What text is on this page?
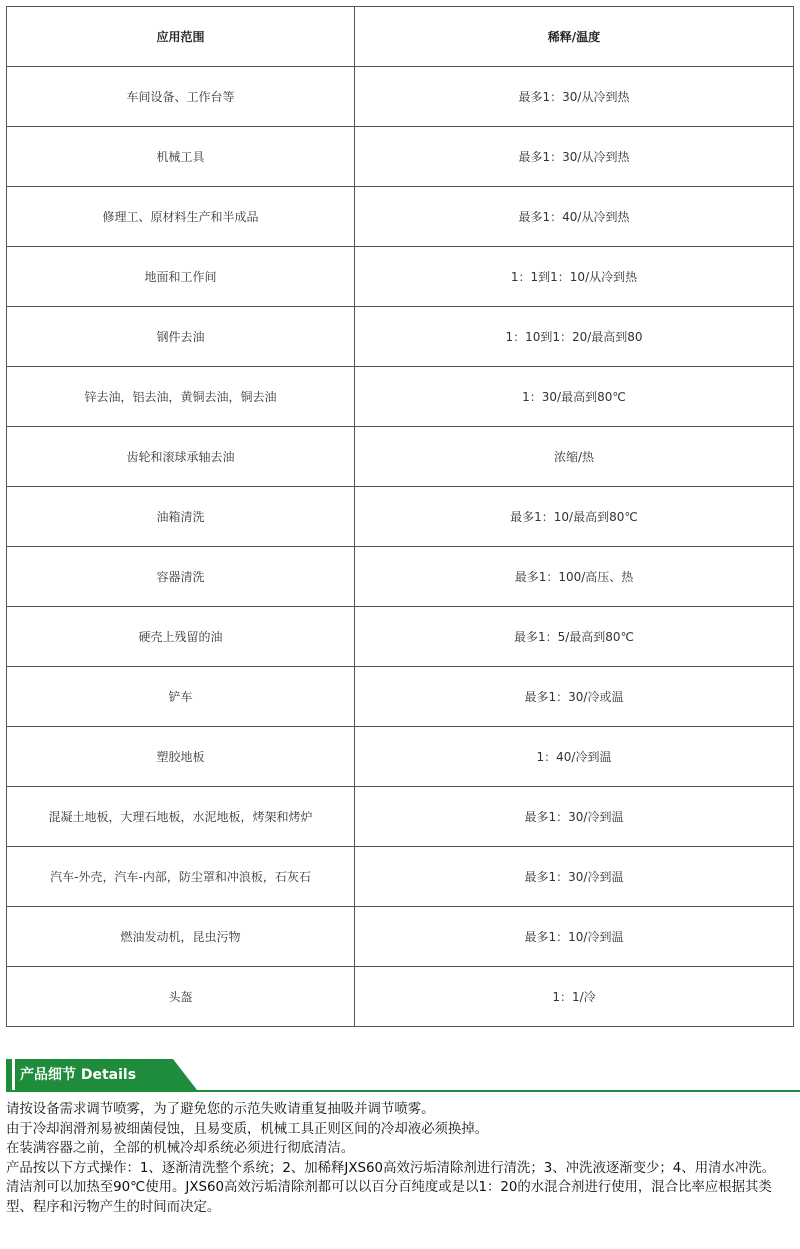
应用范围	稀释/温度
车间设备、工作台等	最多1：30/从冷到热
机械工具	最多1：30/从冷到热
修理工、原材料生产和半成品	最多1：40/从冷到热
地面和工作间	1：1到1：10/从冷到热
钢件去油	1：10到1：20/最高到80
锌去油，铝去油，黄铜去油，铜去油	1：30/最高到80℃
齿轮和滚球承轴去油	浓缩/热
油箱清洗	最多1：10/最高到80℃
容器清洗	最多1：100/高压、热
硬壳上残留的油	最多1：5/最高到80℃
铲车	最多1：30/冷或温
塑胶地板	1：40/冷到温
混凝土地板，大理石地板，水泥地板，烤架和烤炉	最多1：30/冷到温
汽车-外壳，汽车-内部，防尘罩和冲浪板，石灰石	最多1：30/冷到温
燃油发动机，昆虫污物	最多1：10/冷到温
头盔	1：1/冷
产品细节 Details

请按设备需求调节喷雾，为了避免您的示范失败请重复抽吸并调节喷雾。

由于冷却润滑剂易被细菌侵蚀，且易变质，机械工具正则区间的冷却液必须换掉。

在装满容器之前，全部的机械冷却系统必须进行彻底清洁。

产品按以下方式操作：1、逐渐清洗整个系统；2、加稀释JXS60高效污垢清除剂进行清洗；3、冲洗液逐渐变少；4、用清水冲洗。

清洁剂可以加热至90℃使用。JXS60高效污垢清除剂都可以以百分百纯度或是以1：20的水混合剂进行使用，混合比率应根据其类型、程序和污物产生的时间而决定。
